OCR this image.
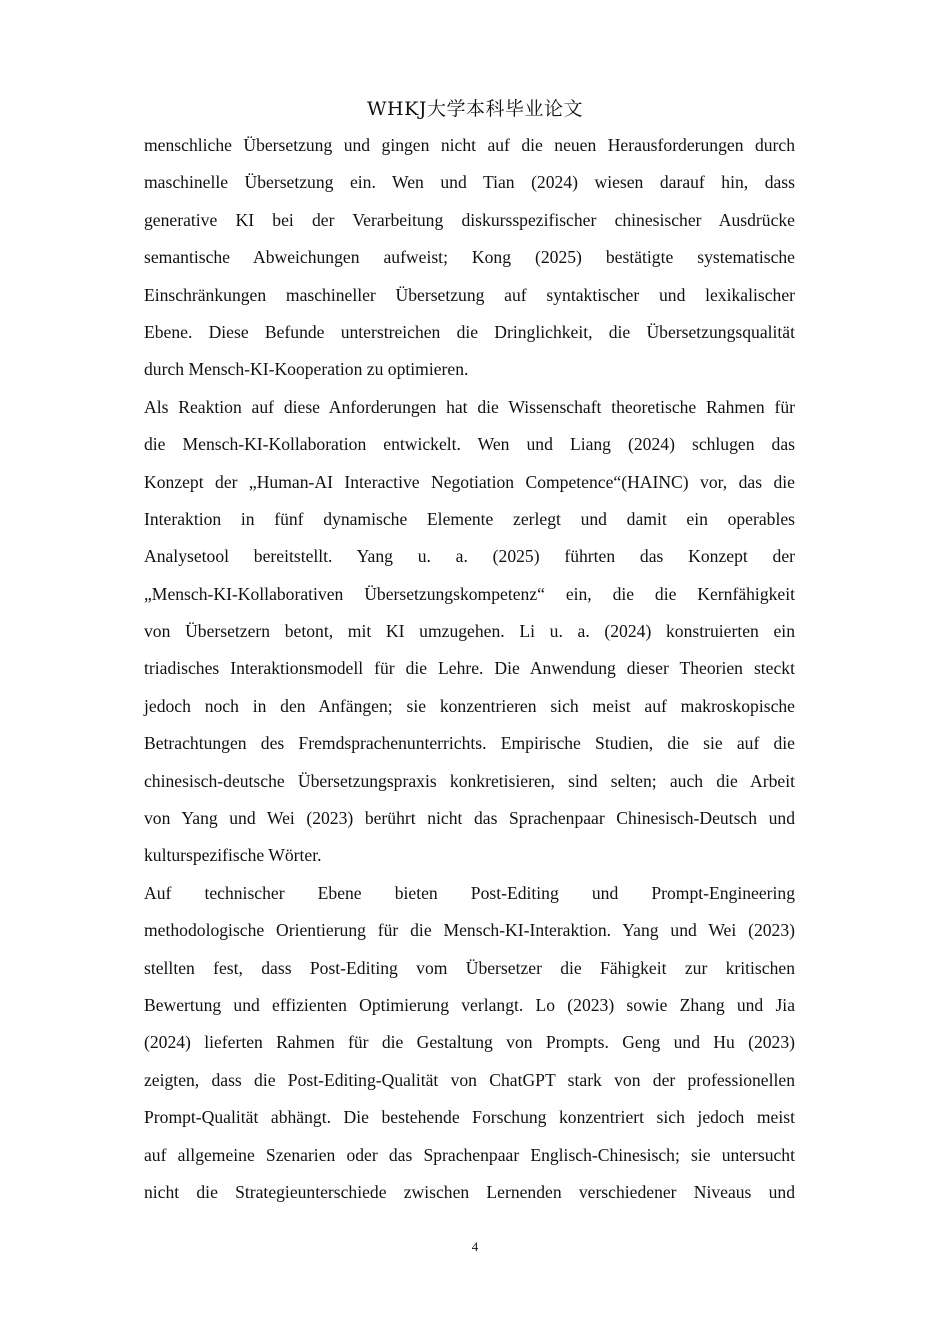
WHKJ大学本科毕业论文

menschliche Übersetzung und gingen nicht auf die neuen Herausforderungen durch
maschinelle Übersetzung ein. Wen und Tian (2024) wiesen darauf hin, dass
generative KI bei der Verarbeitung diskursspezifischer chinesischer Ausdrücke
semantische Abweichungen aufweist; Kong (2025) bestätigte systematische
Einschränkungen maschineller Übersetzung auf syntaktischer und lexikalischer
Ebene. Diese Befunde unterstreichen die Dringlichkeit, die Übersetzungsqualität
durch Mensch-KI-Kooperation zu optimieren.

Als Reaktion auf diese Anforderungen hat die Wissenschaft theoretische Rahmen für
die Mensch-KI-Kollaboration entwickelt. Wen und Liang (2024) schlugen das
Konzept der „Human-AI Interactive Negotiation Competence“(HAINC) vor, das die
Interaktion in fünf dynamische Elemente zerlegt und damit ein operables
Analysetool bereitstellt. Yang u. a. (2025) führten das Konzept der
„Mensch-KI-Kollaborativen Übersetzungskompetenz“ ein, die die Kernfähigkeit
von Übersetzern betont, mit KI umzugehen. Li u. a. (2024) konstruierten ein
triadisches Interaktionsmodell für die Lehre. Die Anwendung dieser Theorien steckt
jedoch noch in den Anfängen; sie konzentrieren sich meist auf makroskopische
Betrachtungen des Fremdsprachenunterrichts. Empirische Studien, die sie auf die
chinesisch-deutsche Übersetzungspraxis konkretisieren, sind selten; auch die Arbeit
von Yang und Wei (2023) berührt nicht das Sprachenpaar Chinesisch-Deutsch und
kulturspezifische Wörter.

Auf technischer Ebene bieten Post-Editing und Prompt-Engineering
methodologische Orientierung für die Mensch-KI-Interaktion. Yang und Wei (2023)
stellten fest, dass Post-Editing vom Übersetzer die Fähigkeit zur kritischen
Bewertung und effizienten Optimierung verlangt. Lo (2023) sowie Zhang und Jia
(2024) lieferten Rahmen für die Gestaltung von Prompts. Geng und Hu (2023)
zeigten, dass die Post-Editing-Qualität von ChatGPT stark von der professionellen
Prompt-Qualität abhängt. Die bestehende Forschung konzentriert sich jedoch meist
auf allgemeine Szenarien oder das Sprachenpaar Englisch-Chinesisch; sie untersucht
nicht die Strategieunterschiede zwischen Lernenden verschiedener Niveaus und

4
